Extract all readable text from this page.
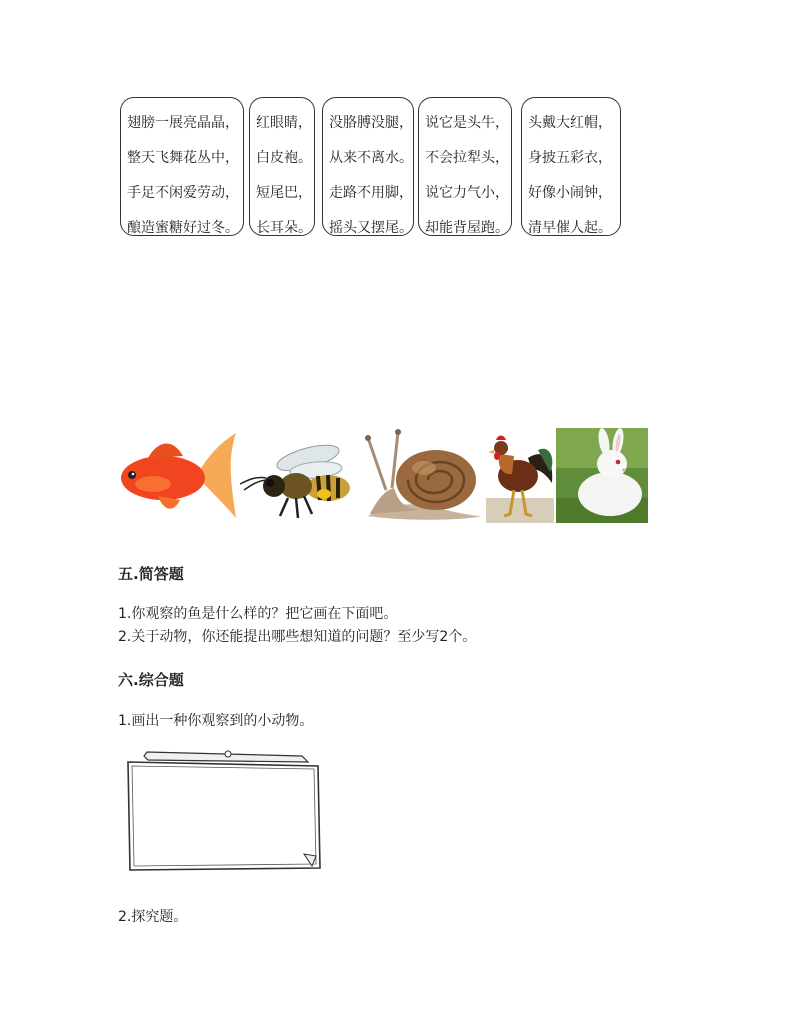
翅膀一展亮晶晶，
整天飞舞花丛中，
手足不闲爱劳动，
酿造蜜糖好过冬。
红眼睛，
白皮袍。
短尾巴，
长耳朵。
没胳膊没腿，
从来不离水。
走路不用脚，
摇头又摆尾。
说它是头牛，
不会拉犁头，
说它力气小，
却能背屋跑。
头戴大红帽，
身披五彩衣，
好像小闹钟，
清早催人起。
五.简答题
1.你观察的鱼是什么样的？把它画在下面吧。
2.关于动物，你还能提出哪些想知道的问题？至少写2个。
六.综合题
1.画出一种你观察到的小动物。
2.探究题。
